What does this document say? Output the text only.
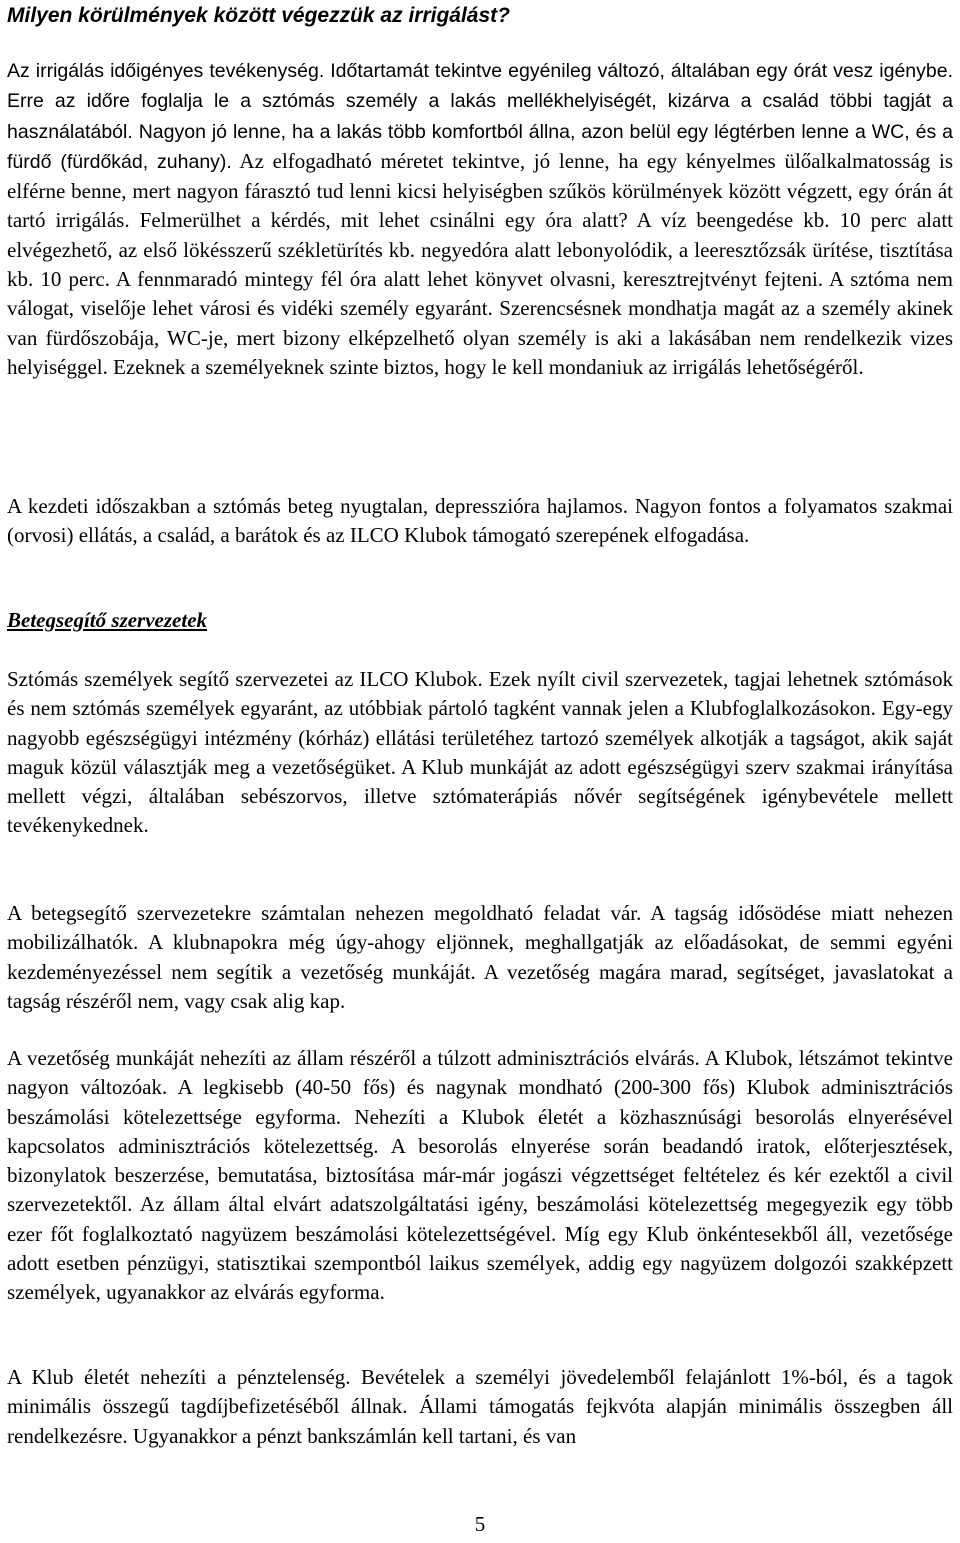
Milyen körülmények között végezzük az irrigálást?

Az irrigálás időigényes tevékenység. Időtartamát tekintve egyénileg változó, általában egy órát vesz igénybe. Erre az időre foglalja le a sztómás személy a lakás mellékhelyiségét, kizárva a család többi tagját a használatából. Nagyon jó lenne, ha a lakás több komfortból állna, azon belül egy légtérben lenne a WC, és a fürdő (fürdőkád, zuhany). Az elfogadható méretet tekintve, jó lenne, ha egy kényelmes ülőalkalmatosság is elférne benne, mert nagyon fárasztó tud lenni kicsi helyiségben szűkös körülmények között végzett, egy órán át tartó irrigálás. Felmerülhet a kérdés, mit lehet csinálni egy óra alatt? A víz beengedése kb. 10 perc alatt elvégezhető, az első lökésszerű székletürítés kb. negyedóra alatt lebonyolódik, a leeresztőzsák ürítése, tisztítása kb. 10 perc. A fennmaradó mintegy fél óra alatt lehet könyvet olvasni, keresztrejtvényt fejteni. A sztóma nem válogat, viselője lehet városi és vidéki személy egyaránt. Szerencsésnek mondhatja magát az a személy akinek van fürdőszobája, WC-je, mert bizony elképzelhető olyan személy is aki a lakásában nem rendelkezik vizes helyiséggel. Ezeknek a személyeknek szinte biztos, hogy le kell mondaniuk az irrigálás lehetőségéről.

A kezdeti időszakban a sztómás beteg nyugtalan, depresszióra hajlamos. Nagyon fontos a folyamatos szakmai (orvosi) ellátás, a család, a barátok és az ILCO Klubok támogató szerepének elfogadása.

Betegsegítő szervezetek

Sztómás személyek segítő szervezetei az ILCO Klubok. Ezek nyílt civil szervezetek, tagjai lehetnek sztómások és nem sztómás személyek egyaránt, az utóbbiak pártoló tagként vannak jelen a Klubfoglalkozásokon. Egy-egy nagyobb egészségügyi intézmény (kórház) ellátási területéhez tartozó személyek alkotják a tagságot, akik saját maguk közül választják meg a vezetőségüket. A Klub munkáját az adott egészségügyi szerv szakmai irányítása mellett végzi, általában sebészorvos, illetve sztómaterápiás nővér segítségének igénybevétele mellett tevékenykednek.

A betegsegítő szervezetekre számtalan nehezen megoldható feladat vár. A tagság idősödése miatt nehezen mobilizálhatók. A klubnapokra még úgy-ahogy eljönnek, meghallgatják az előadásokat, de semmi egyéni kezdeményezéssel nem segítik a vezetőség munkáját. A vezetőség magára marad, segítséget, javaslatokat a tagság részéről nem, vagy csak alig kap.

A vezetőség munkáját nehezíti az állam részéről a túlzott adminisztrációs elvárás. A Klubok, létszámot tekintve nagyon változóak. A legkisebb (40-50 fős) és nagynak mondható (200-300 fős) Klubok adminisztrációs beszámolási kötelezettsége egyforma. Nehezíti a Klubok életét a közhasznúsági besorolás elnyerésével kapcsolatos adminisztrációs kötelezettség. A besorolás elnyerése során beadandó iratok, előterjesztések, bizonylatok beszerzése, bemutatása, biztosítása már-már jogászi végzettséget feltételez és kér ezektől a civil szervezetektől. Az állam által elvárt adatszolgáltatási igény, beszámolási kötelezettség megegyezik egy több ezer főt foglalkoztató nagyüzem beszámolási kötelezettségével. Míg egy Klub önkéntesekből áll, vezetősége adott esetben pénzügyi, statisztikai szempontból laikus személyek, addig egy nagyüzem dolgozói szakképzett személyek, ugyanakkor az elvárás egyforma.

A Klub életét nehezíti a pénztelenség. Bevételek a személyi jövedelemből felajánlott 1%-ból, és a tagok minimális összegű tagdíjbefizetéséből állnak. Állami támogatás fejkvóta alapján minimális összegben áll rendelkezésre. Ugyanakkor a pénzt bankszámlán kell tartani, és van

5
